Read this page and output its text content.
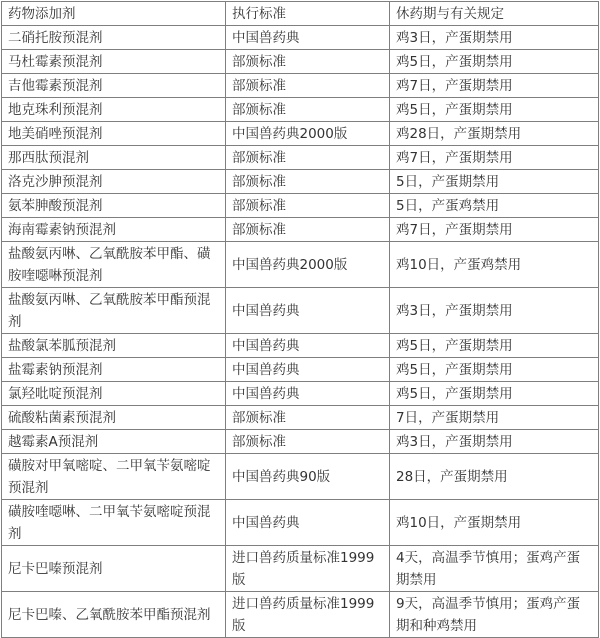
药物添加剂	执行标准	休药期与有关规定
二硝托胺预混剂	中国兽药典	鸡3日，产蛋期禁用
马杜霉素预混剂	部颁标准	鸡5日，产蛋期禁用
吉他霉素预混剂	部颁标准	鸡7日，产蛋期禁用
地克珠利预混剂	部颁标准	鸡5日，产蛋期禁用
地美硝唑预混剂	中国兽药典2000版	鸡28日，产蛋期禁用
那西肽预混剂	部颁标准	鸡7日，产蛋期禁用
洛克沙胂预混剂	部颁标准	5日，产蛋期禁用
氨苯胂酸预混剂	部颁标准	5日，产蛋鸡禁用
海南霉素钠预混剂	部颁标准	鸡7日，产蛋期禁用
盐酸氨丙啉、乙氧酰胺苯甲酯、磺胺喹噁啉预混剂	中国兽药典2000版	鸡10日，产蛋鸡禁用
盐酸氨丙啉、乙氧酰胺苯甲酯预混剂	中国兽药典	鸡3日，产蛋期禁用
盐酸氯苯胍预混剂	中国兽药典	鸡5日，产蛋期禁用
盐霉素钠预混剂	中国兽药典	鸡5日，产蛋期禁用
氯羟吡啶预混剂	中国兽药典	鸡5日，产蛋期禁用
硫酸粘菌素预混剂	部颁标准	7日，产蛋期禁用
越霉素A预混剂	部颁标准	鸡3日，产蛋期禁用
磺胺对甲氧嘧啶、二甲氧苄氨嘧啶预混剂	中国兽药典90版	28日，产蛋期禁用
磺胺喹噁啉、二甲氧苄氨嘧啶预混剂	中国兽药典	鸡10日，产蛋期禁用
尼卡巴嗪预混剂	进口兽药质量标准1999版	4天，高温季节慎用；蛋鸡产蛋期禁用
尼卡巴嗪、乙氧酰胺苯甲酯预混剂	进口兽药质量标准1999版	9天，高温季节慎用；蛋鸡产蛋期和种鸡禁用
